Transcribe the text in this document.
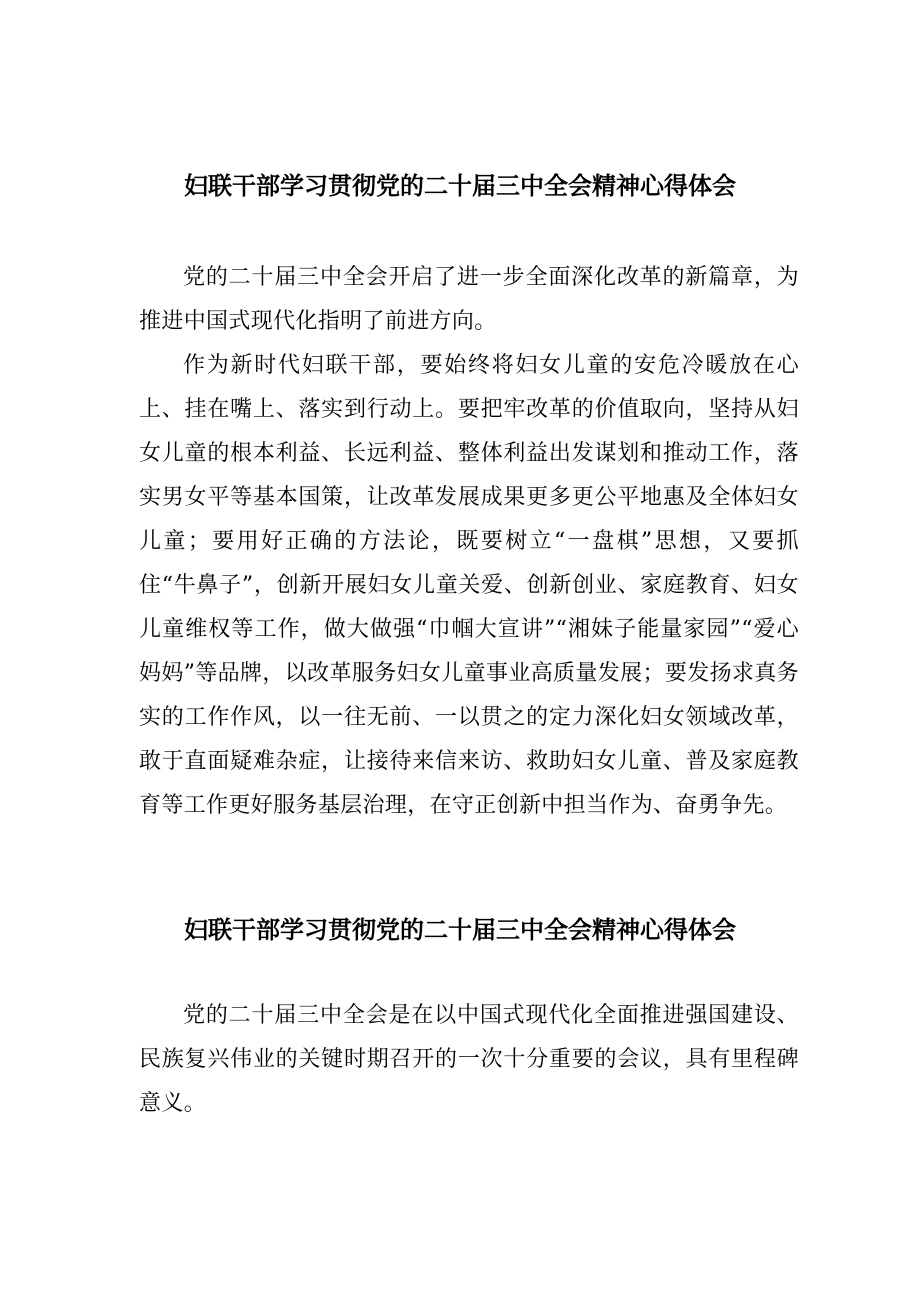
妇联干部学习贯彻党的二十届三中全会精神心得体会

党的二十届三中全会开启了进一步全面深化改革的新篇章，为推进中国式现代化指明了前进方向。

作为新时代妇联干部，要始终将妇女儿童的安危冷暖放在心上、挂在嘴上、落实到行动上。要把牢改革的价值取向，坚持从妇女儿童的根本利益、长远利益、整体利益出发谋划和推动工作，落实男女平等基本国策，让改革发展成果更多更公平地惠及全体妇女儿童；要用好正确的方法论，既要树立“一盘棋”思想，又要抓住“牛鼻子”，创新开展妇女儿童关爱、创新创业、家庭教育、妇女儿童维权等工作，做大做强“巾帼大宣讲”“湘妹子能量家园”“爱心妈妈”等品牌，以改革服务妇女儿童事业高质量发展；要发扬求真务实的工作作风，以一往无前、一以贯之的定力深化妇女领域改革，敢于直面疑难杂症，让接待来信来访、救助妇女儿童、普及家庭教育等工作更好服务基层治理，在守正创新中担当作为、奋勇争先。

妇联干部学习贯彻党的二十届三中全会精神心得体会

党的二十届三中全会是在以中国式现代化全面推进强国建设、民族复兴伟业的关键时期召开的一次十分重要的会议，具有里程碑意义。
